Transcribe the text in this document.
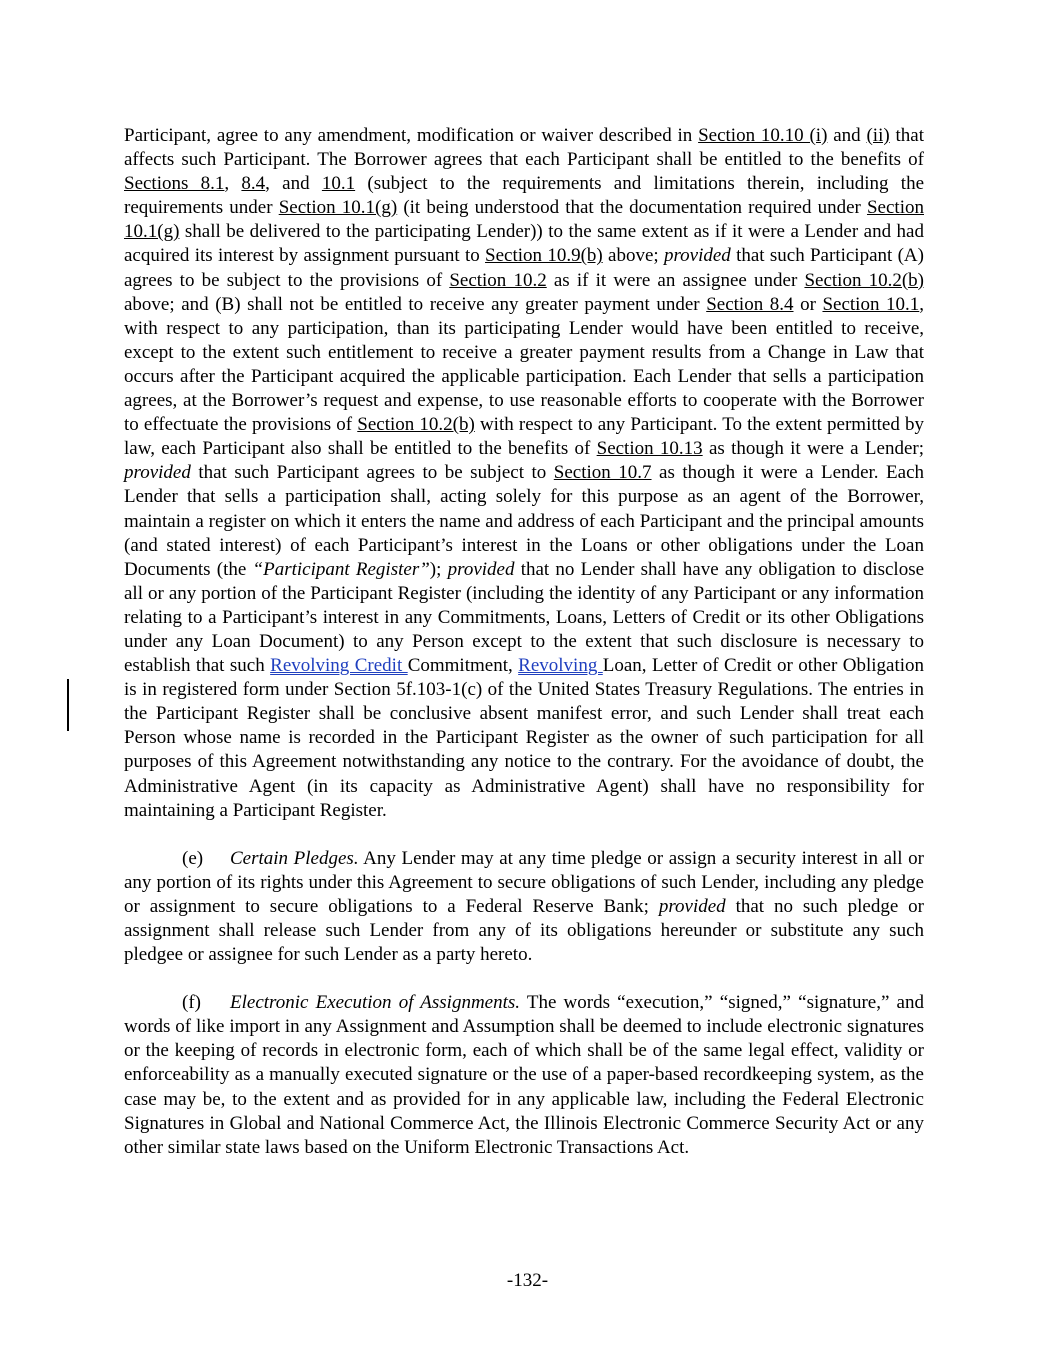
Participant, agree to any amendment, modification or waiver described in Section 10.10 (i) and (ii) that affects such Participant. The Borrower agrees that each Participant shall be entitled to the benefits of Sections 8.1, 8.4, and 10.1 (subject to the requirements and limitations therein, including the requirements under Section 10.1(g) (it being understood that the documentation required under Section 10.1(g) shall be delivered to the participating Lender)) to the same extent as if it were a Lender and had acquired its interest by assignment pursuant to Section 10.9(b) above; provided that such Participant (A) agrees to be subject to the provisions of Section 10.2 as if it were an assignee under Section 10.2(b) above; and (B) shall not be entitled to receive any greater payment under Section 8.4 or Section 10.1, with respect to any participation, than its participating Lender would have been entitled to receive, except to the extent such entitlement to receive a greater payment results from a Change in Law that occurs after the Participant acquired the applicable participation. Each Lender that sells a participation agrees, at the Borrower’s request and expense, to use reasonable efforts to cooperate with the Borrower to effectuate the provisions of Section 10.2(b) with respect to any Participant. To the extent permitted by law, each Participant also shall be entitled to the benefits of Section 10.13 as though it were a Lender; provided that such Participant agrees to be subject to Section 10.7 as though it were a Lender. Each Lender that sells a participation shall, acting solely for this purpose as an agent of the Borrower, maintain a register on which it enters the name and address of each Participant and the principal amounts (and stated interest) of each Participant’s interest in the Loans or other obligations under the Loan Documents (the “Participant Register”); provided that no Lender shall have any obligation to disclose all or any portion of the Participant Register (including the identity of any Participant or any information relating to a Participant’s interest in any Commitments, Loans, Letters of Credit or its other Obligations under any Loan Document) to any Person except to the extent that such disclosure is necessary to establish that such Revolving Credit Commitment, Revolving Loan, Letter of Credit or other Obligation is in registered form under Section 5f.103-1(c) of the United States Treasury Regulations. The entries in the Participant Register shall be conclusive absent manifest error, and such Lender shall treat each Person whose name is recorded in the Participant Register as the owner of such participation for all purposes of this Agreement notwithstanding any notice to the contrary. For the avoidance of doubt, the Administrative Agent (in its capacity as Administrative Agent) shall have no responsibility for maintaining a Participant Register.

(e) Certain Pledges. Any Lender may at any time pledge or assign a security interest in all or any portion of its rights under this Agreement to secure obligations of such Lender, including any pledge or assignment to secure obligations to a Federal Reserve Bank; provided that no such pledge or assignment shall release such Lender from any of its obligations hereunder or substitute any such pledgee or assignee for such Lender as a party hereto.

(f) Electronic Execution of Assignments. The words “execution,” “signed,” “signature,” and words of like import in any Assignment and Assumption shall be deemed to include electronic signatures or the keeping of records in electronic form, each of which shall be of the same legal effect, validity or enforceability as a manually executed signature or the use of a paper-based recordkeeping system, as the case may be, to the extent and as provided for in any applicable law, including the Federal Electronic Signatures in Global and National Commerce Act, the Illinois Electronic Commerce Security Act or any other similar state laws based on the Uniform Electronic Transactions Act.

-132-
